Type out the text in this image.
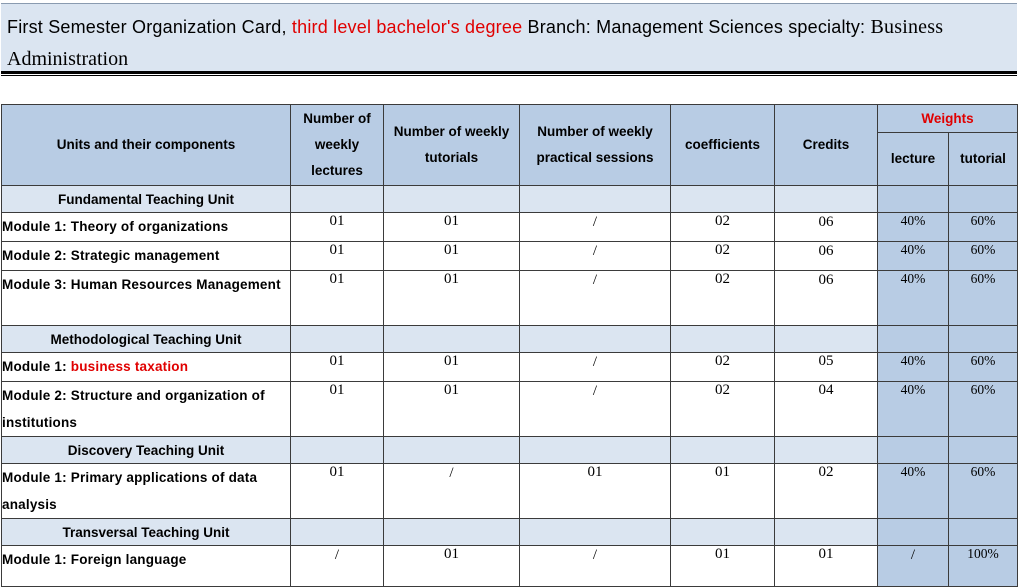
First Semester Organization Card, third level bachelor's degree Branch: Management Sciences specialty: Business
Administration
Units and their components	Number of weekly lectures	Number of weekly tutorials	Number of weekly practical sessions	coefficients	Credits	Weights	
						lecture	tutorial

Fundamental Teaching Unit							
Module 1: Theory of organizations	01	01	/	02	06	40%	60%
Module 2: Strategic management	01	01	/	02	06	40%	60%
Module 3: Human Resources Management	01	01	/	02	06	40%	60%
Methodological Teaching Unit							
Module 1: business taxation	01	01	/	02	05	40%	60%
Module 2: Structure and organization of institutions	01	01	/	02	04	40%	60%
Discovery Teaching Unit							
Module 1: Primary applications of data analysis	01	/	01	01	02	40%	60%
Transversal Teaching Unit							
Module 1: Foreign language	/	01	/	01	01	/	100%
